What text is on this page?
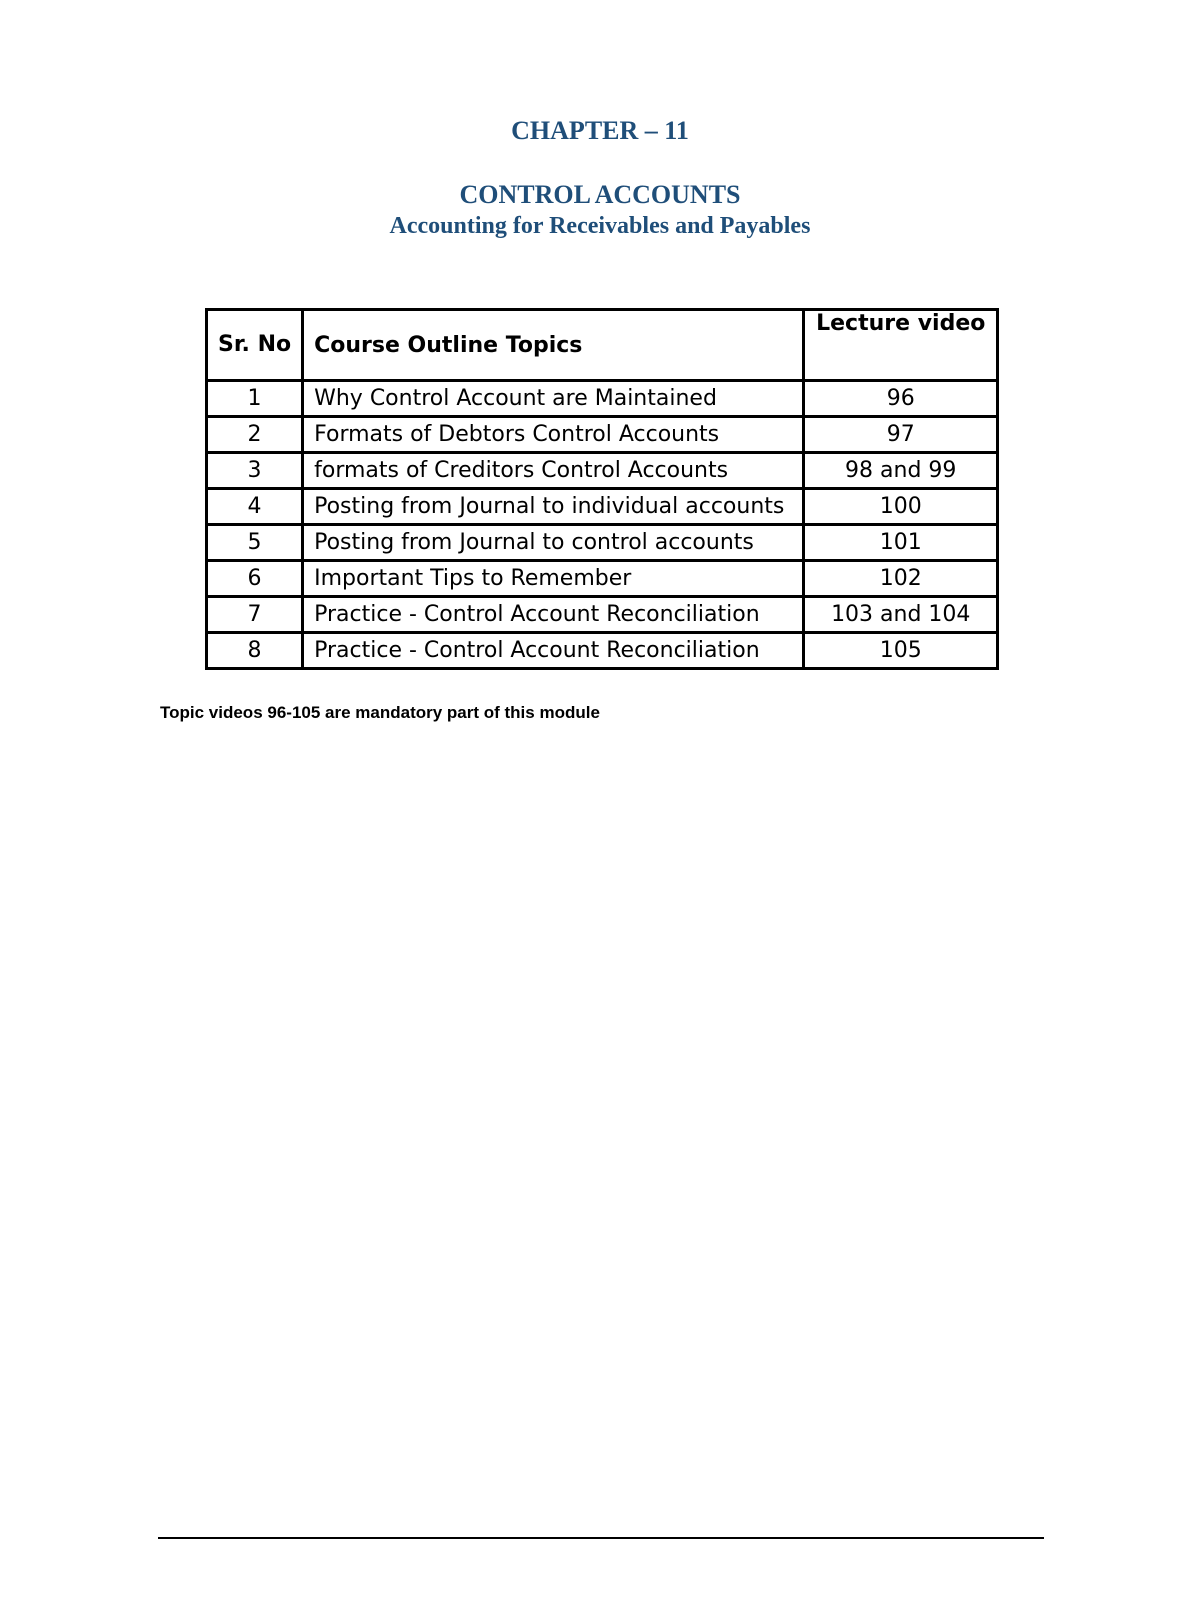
CHAPTER – 11
CONTROL ACCOUNTS
Accounting for Receivables and Payables
Sr. No	Course Outline Topics	Lecture video
1	Why Control Account are Maintained	96
2	Formats of Debtors Control Accounts	97
3	formats of Creditors Control Accounts	98 and 99
4	Posting from Journal to individual accounts	100
5	Posting from Journal to control accounts	101
6	Important Tips to Remember	102
7	Practice - Control Account Reconciliation	103 and 104
8	Practice - Control Account Reconciliation	105

Topic videos 96-105 are mandatory part of this module
